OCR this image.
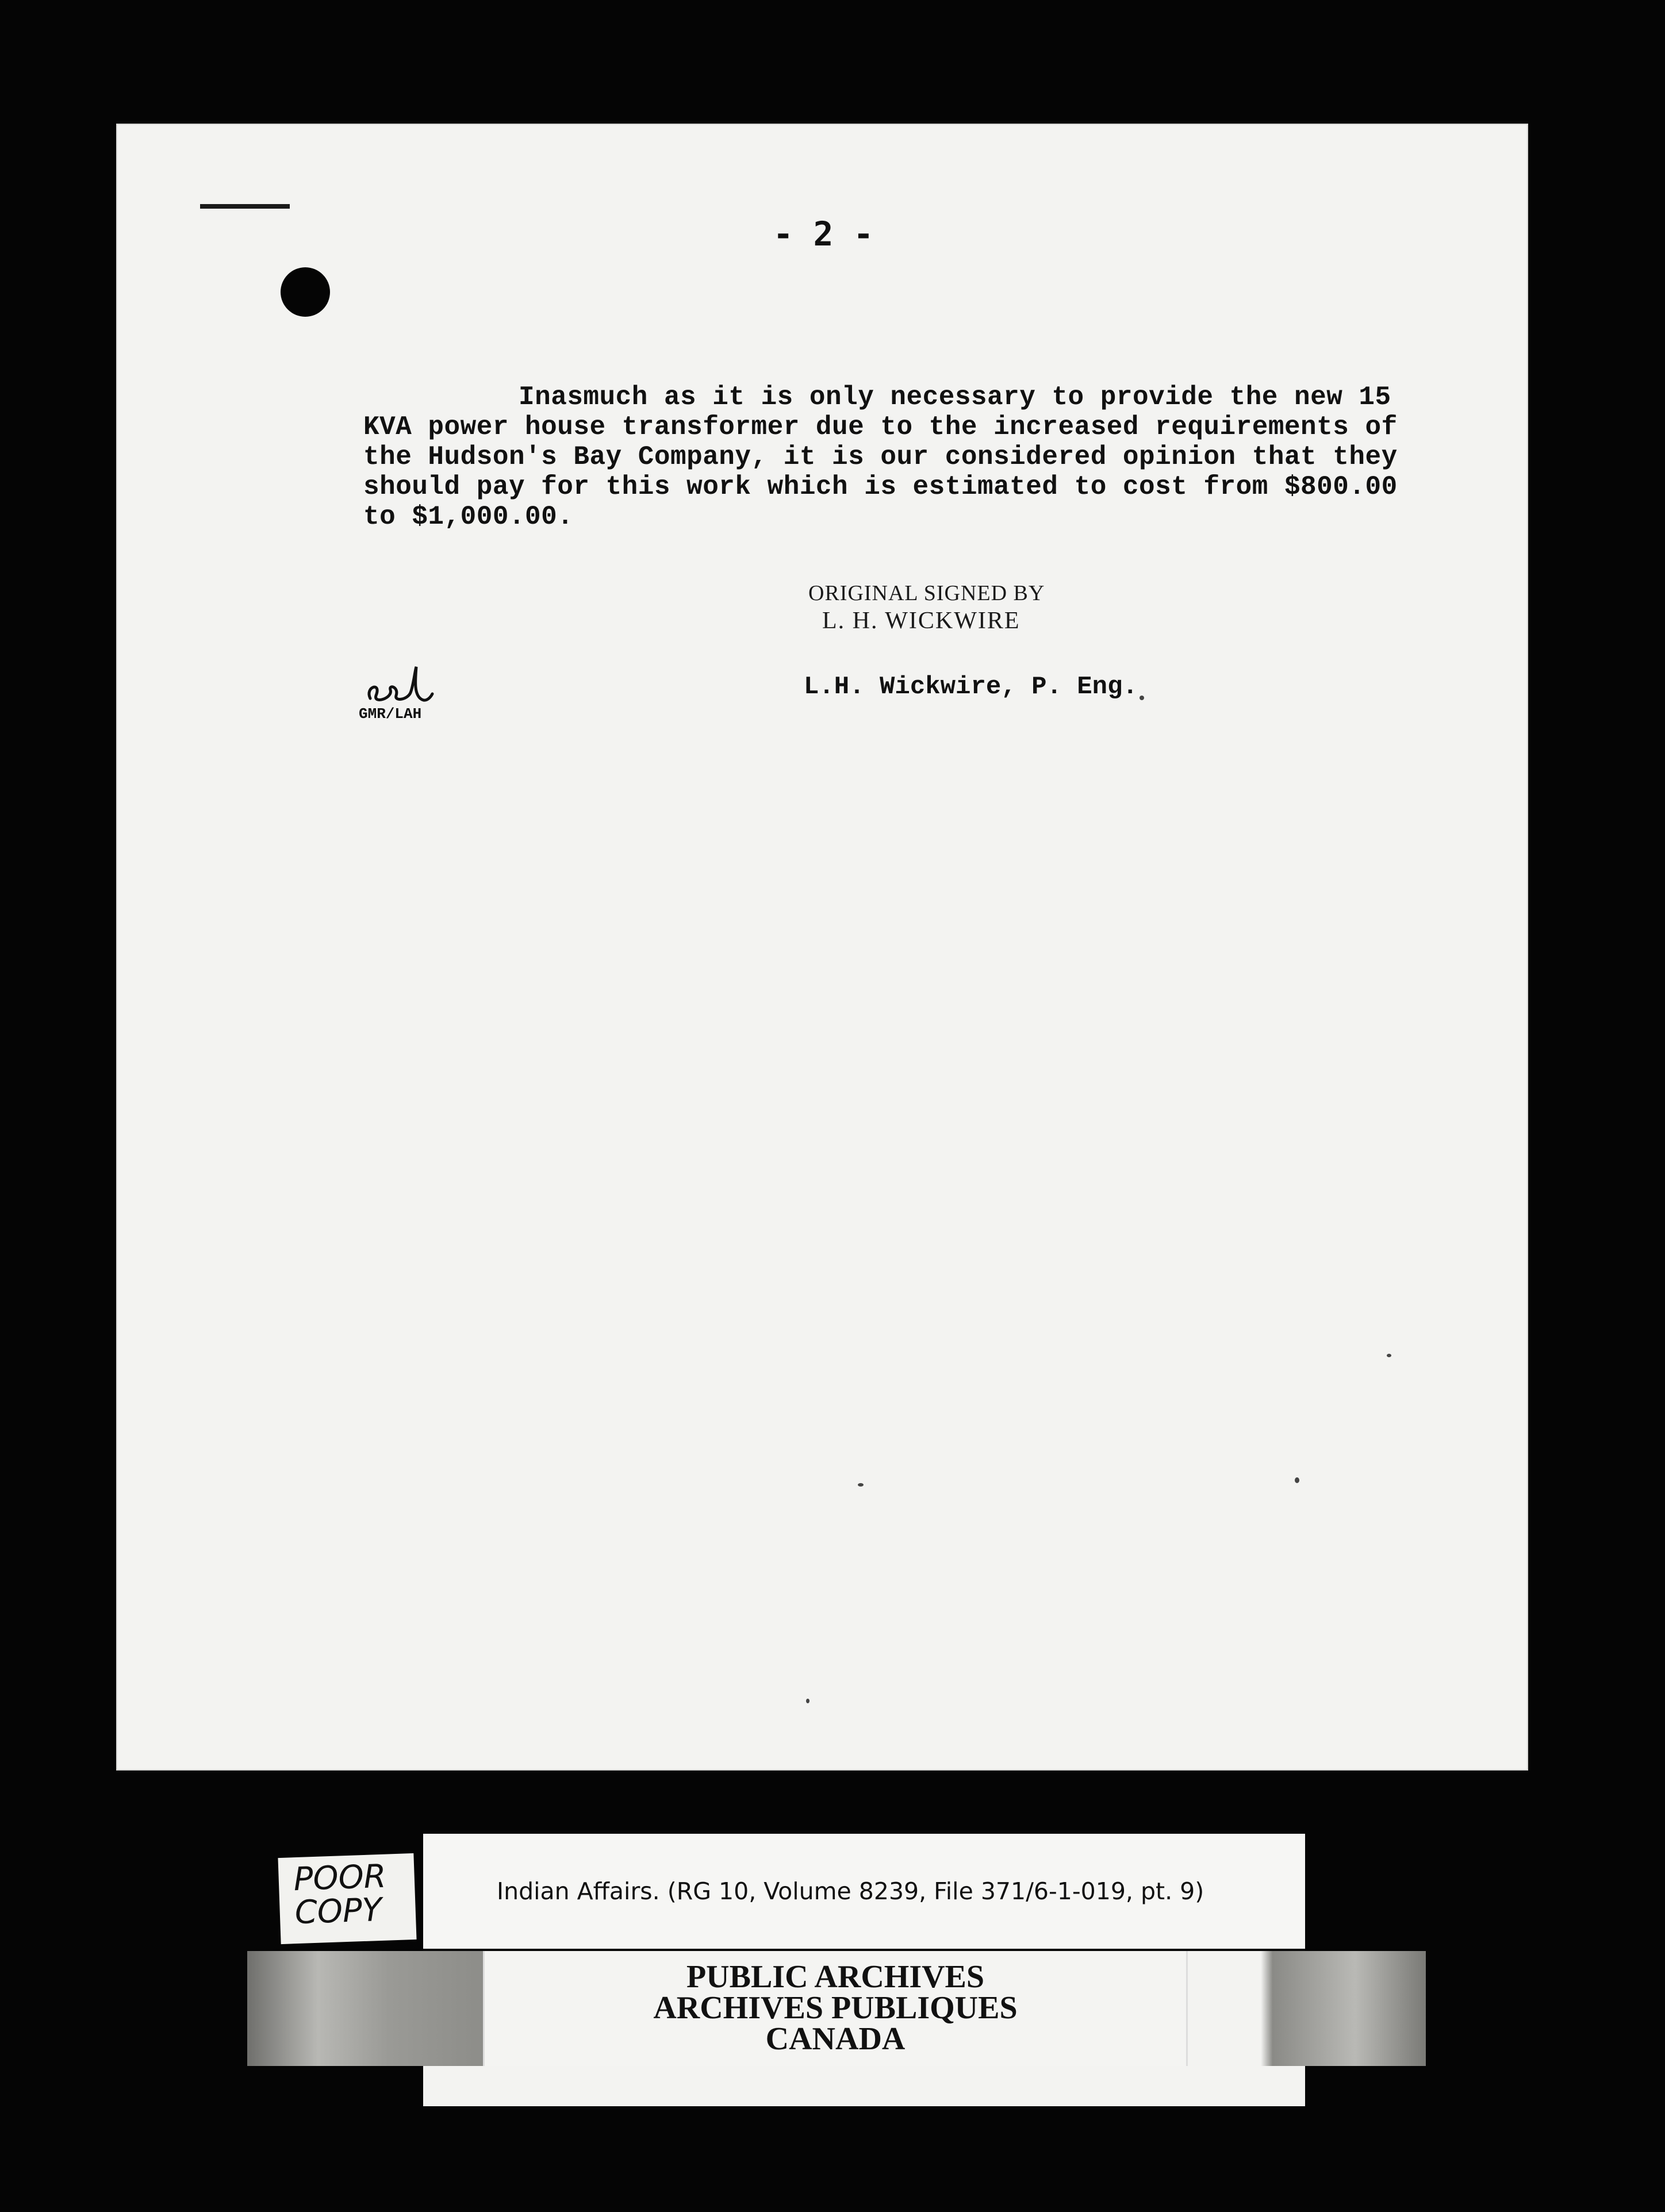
- 2 -
Inasmuch as it is only necessary to provide the new 15
KVA power house transformer due to the increased requirements of
the Hudson's Bay Company, it is our considered opinion that they
should pay for this work which is estimated to cost from $800.00
to $1,000.00.
ORIGINAL SIGNED BY
L. H. WICKWIRE
L.H. Wickwire, P. Eng.
GMR/LAH
POOR
COPY	Indian Affairs. (RG 10, Volume 8239, File 371/6-1-019, pt. 9)
PUBLIC ARCHIVES
ARCHIVES PUBLIQUES
CANADA
